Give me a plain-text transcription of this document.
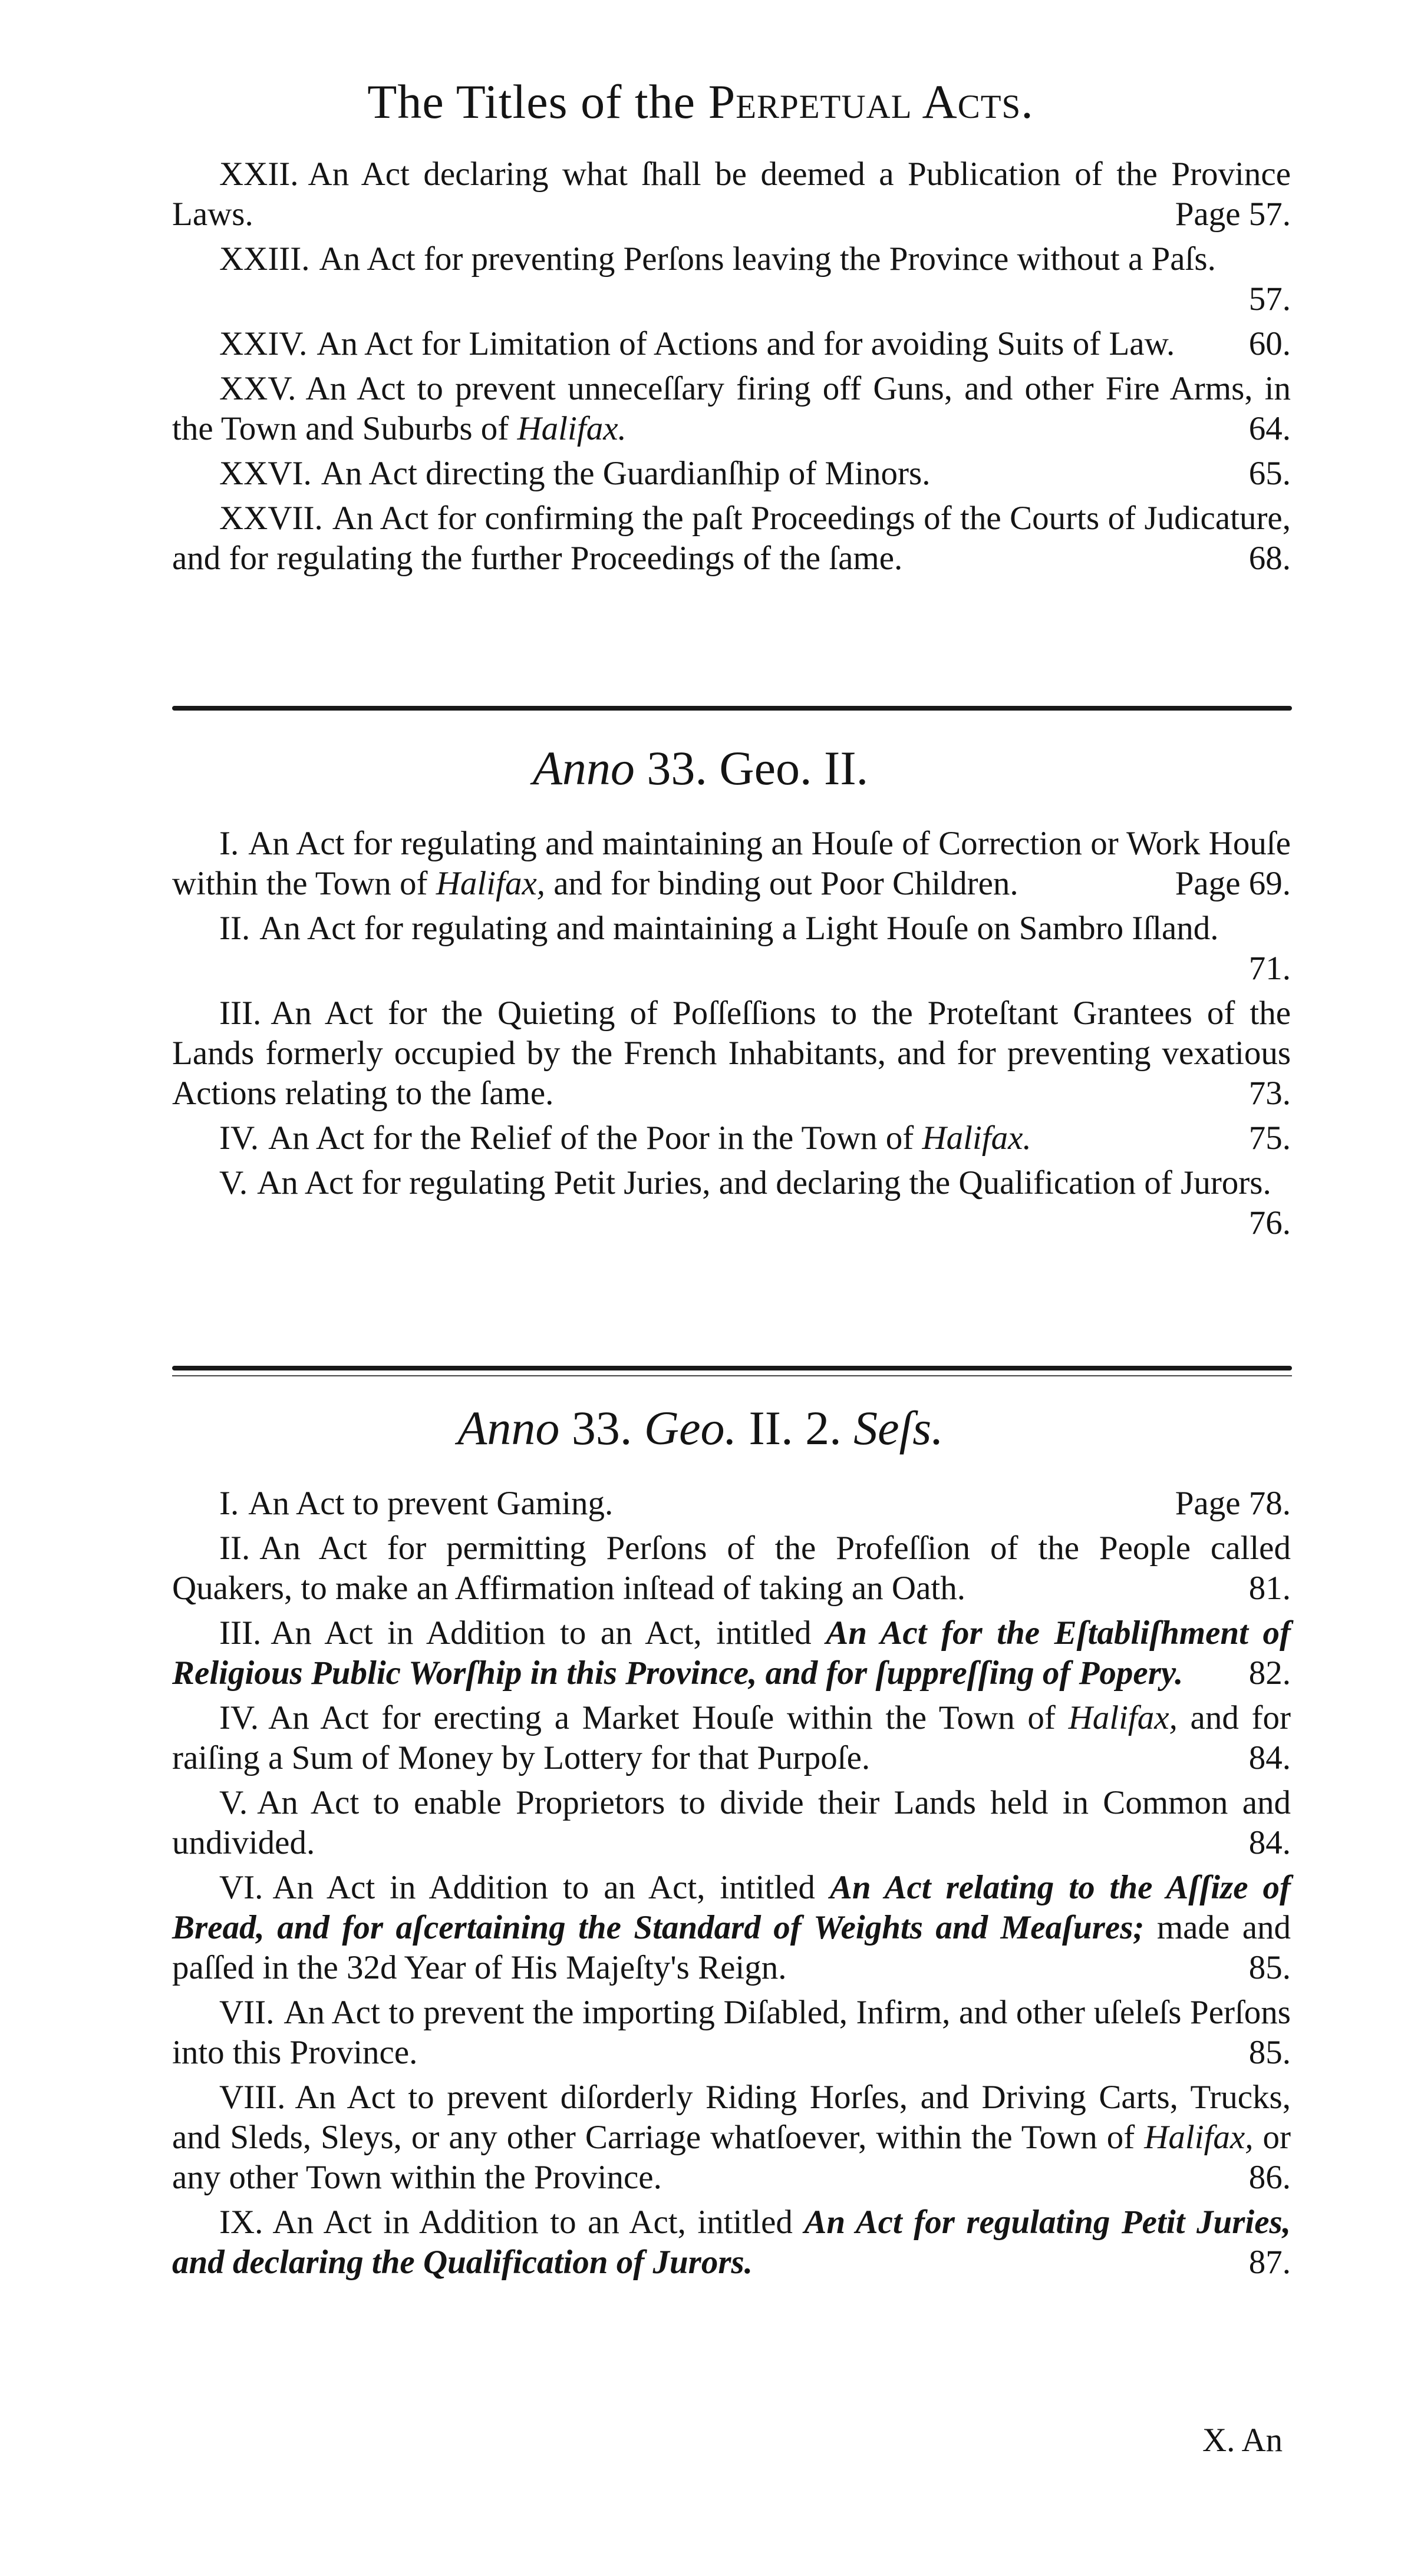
The Titles of the Perpetual Acts.
XXII. An Act declaring what ſhall be deemed a Publication of the Province Laws.	Page 57.
XXIII. An Act for preventing Perſons leaving the Province without a Paſs.
57.
XXIV. An Act for Limitation of Actions and for avoiding Suits of Law.	60.
XXV. An Act to prevent unneceſſary firing off Guns, and other Fire Arms, in the Town and Suburbs of Halifax.	64.
XXVI. An Act directing the Guardianſhip of Minors.	65.
XXVII. An Act for confirming the paſt Proceedings of the Courts of Judicature, and for regulating the further Proceedings of the ſame.	68.
Anno 33. Geo. II.
I. An Act for regulating and maintaining an Houſe of Correction or Work Houſe within the Town of Halifax, and for binding out Poor Children.	Page 69.
II. An Act for regulating and maintaining a Light Houſe on Sambro Iſland.
71.
III. An Act for the Quieting of Poſſeſſions to the Proteſtant Grantees of the Lands formerly occupied by the French Inhabitants, and for preventing vexatious Actions relating to the ſame.	73.
IV. An Act for the Relief of the Poor in the Town of Halifax.	75.
V. An Act for regulating Petit Juries, and declaring the Qualification of Jurors.
76.
Anno 33. Geo. II. 2. Seſs.
I. An Act to prevent Gaming.	Page 78.
II. An Act for permitting Perſons of the Profeſſion of the People called Quakers, to make an Affirmation inſtead of taking an Oath.	81.
III. An Act in Addition to an Act, intitled An Act for the Eſtabliſhment of Religious Public Worſhip in this Province, and for ſuppreſſing of Popery.	82.
IV. An Act for erecting a Market Houſe within the Town of Halifax, and for raiſing a Sum of Money by Lottery for that Purpoſe.	84.
V. An Act to enable Proprietors to divide their Lands held in Common and undivided.	84.
VI. An Act in Addition to an Act, intitled An Act relating to the Aſſize of Bread, and for aſcertaining the Standard of Weights and Meaſures; made and paſſed in the 32d Year of His Majeſty's Reign.	85.
VII. An Act to prevent the importing Diſabled, Infirm, and other uſeleſs Perſons into this Province.	85.
VIII. An Act to prevent diſorderly Riding Horſes, and Driving Carts, Trucks, and Sleds, Sleys, or any other Carriage whatſoever, within the Town of Halifax, or any other Town within the Province.	86.
IX. An Act in Addition to an Act, intitled An Act for regulating Petit Juries, and declaring the Qualification of Jurors.	87.
X. An
